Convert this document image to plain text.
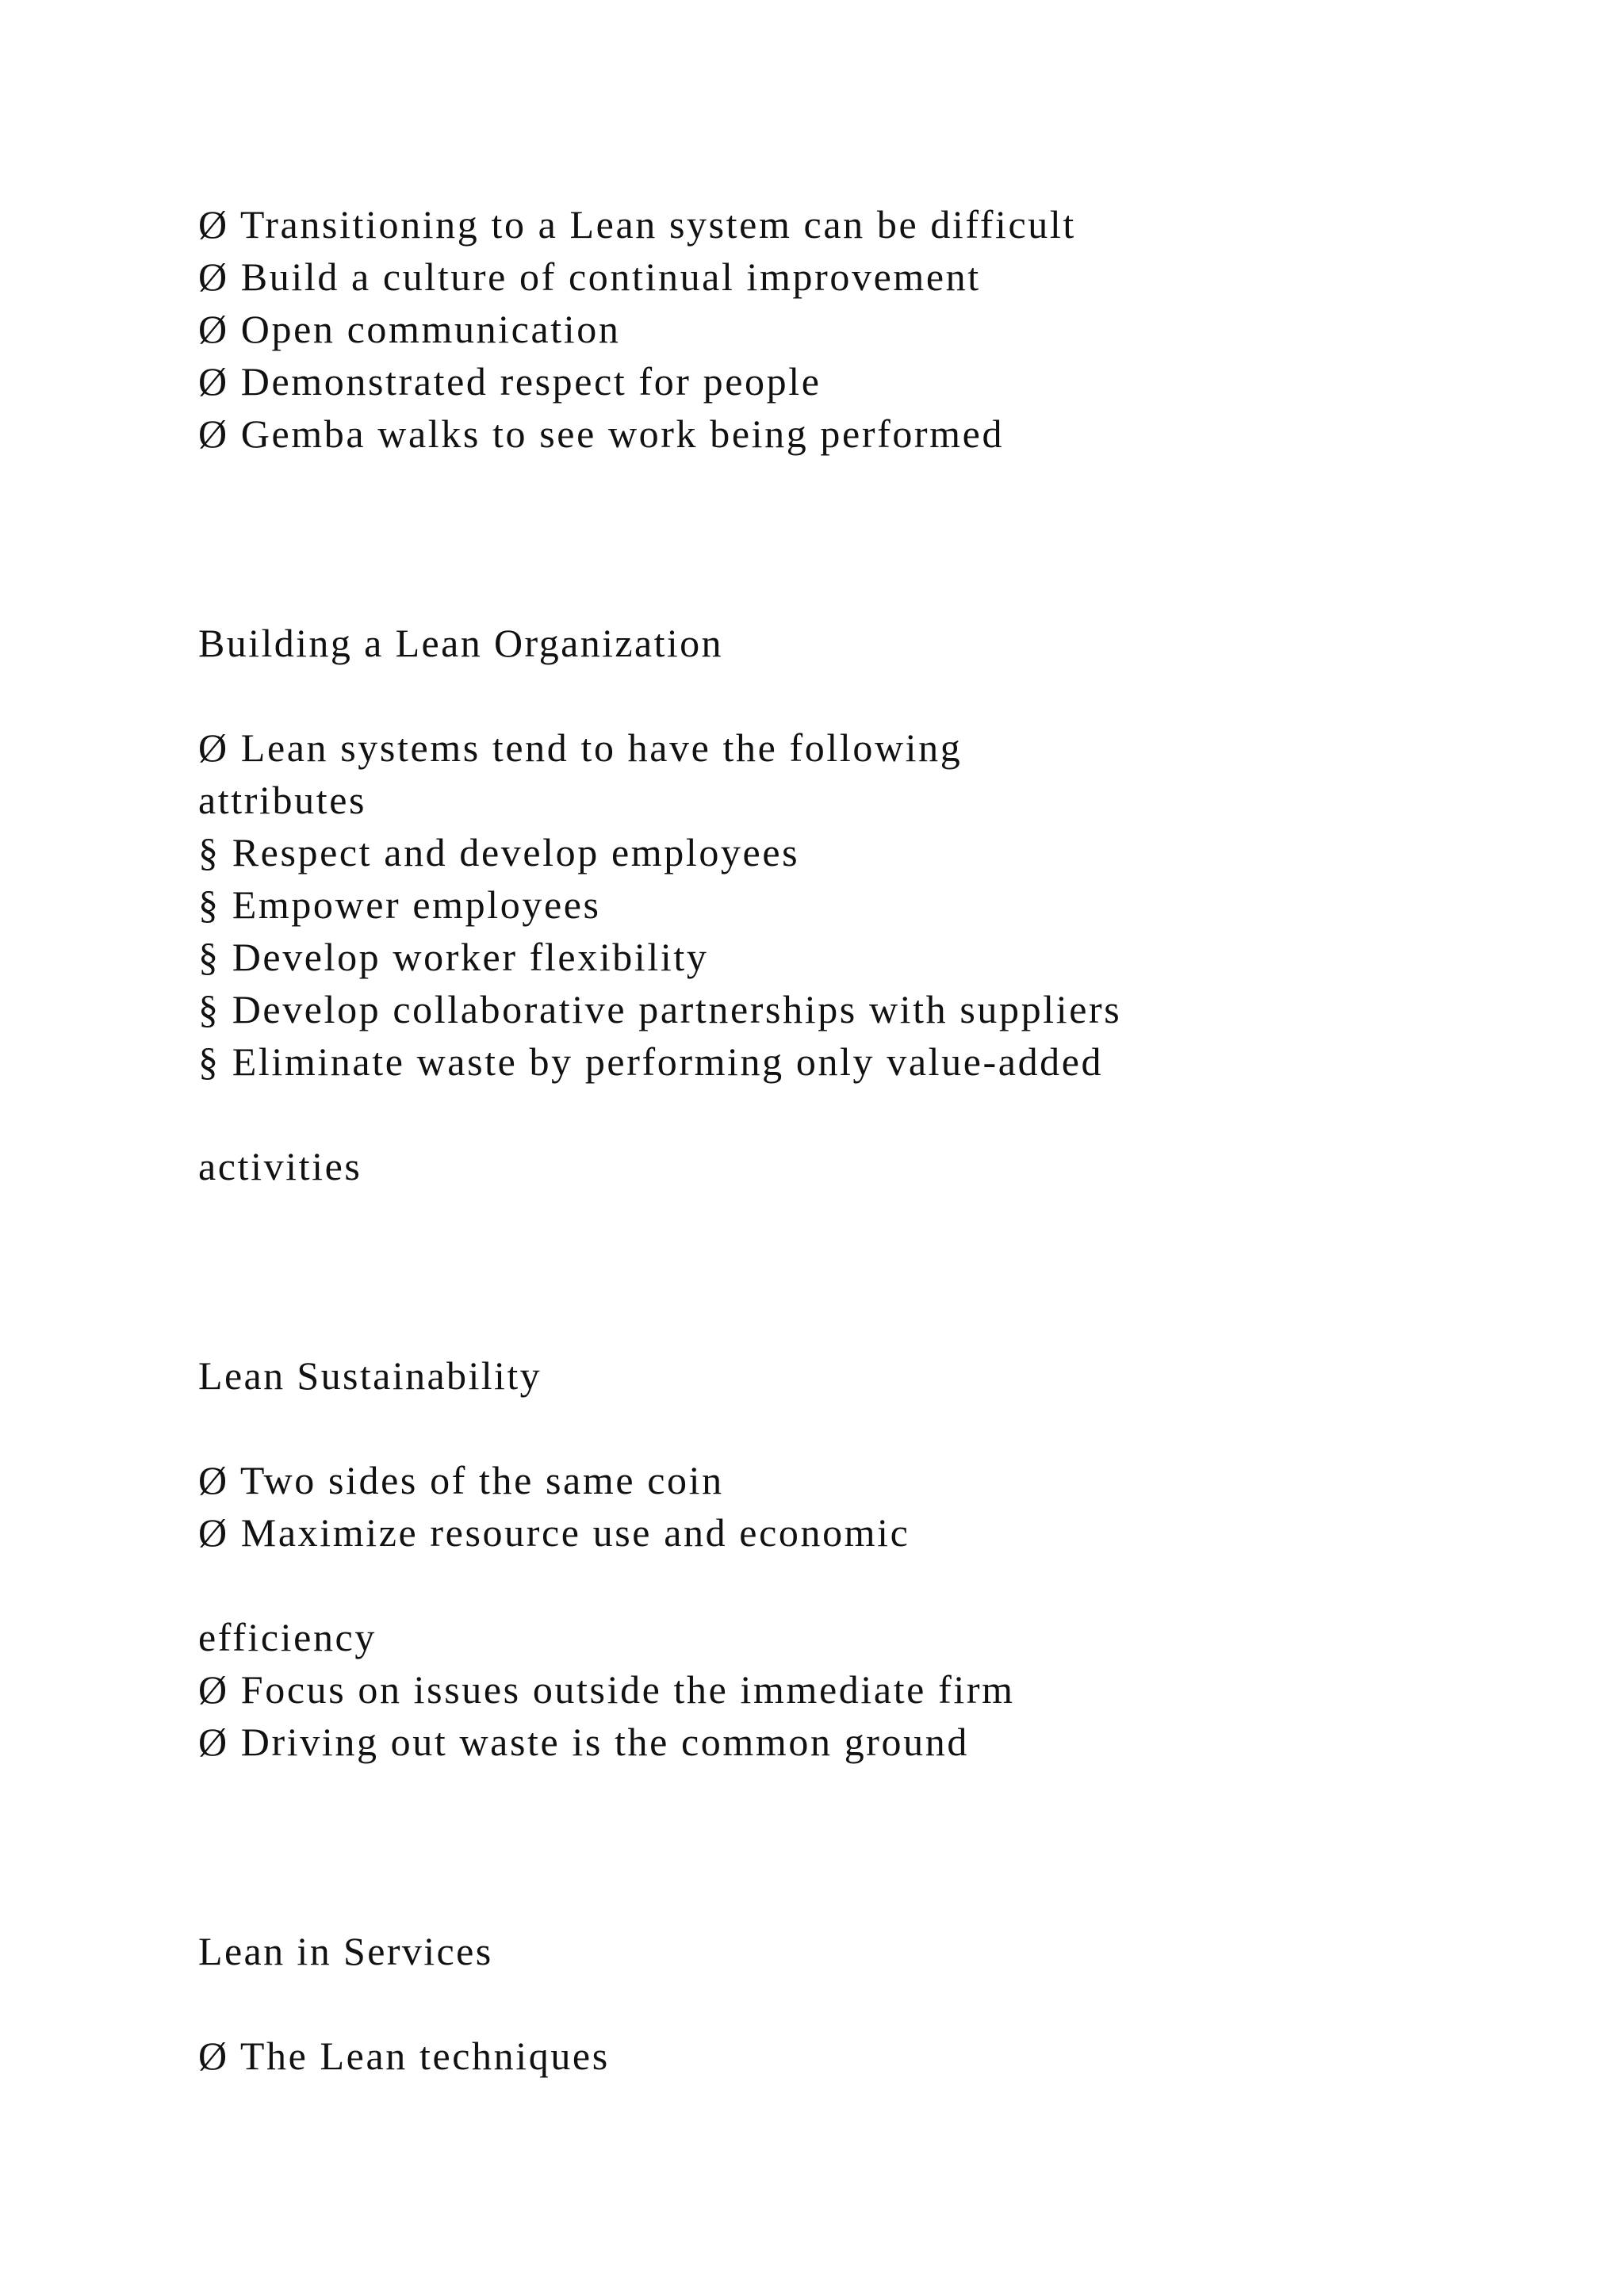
Ø Transitioning to a Lean system can be difficult

Ø Build a culture of continual improvement

Ø Open communication

Ø Demonstrated respect for people

Ø Gemba walks to see work being performed

Building a Lean Organization

Ø Lean systems tend to have the following

attributes

§ Respect and develop employees

§ Empower employees

§ Develop worker flexibility

§ Develop collaborative partnerships with suppliers

§ Eliminate waste by performing only value-added

activities

Lean Sustainability

Ø Two sides of the same coin

Ø Maximize resource use and economic

efficiency

Ø Focus on issues outside the immediate firm

Ø Driving out waste is the common ground

Lean in Services

Ø The Lean techniques
